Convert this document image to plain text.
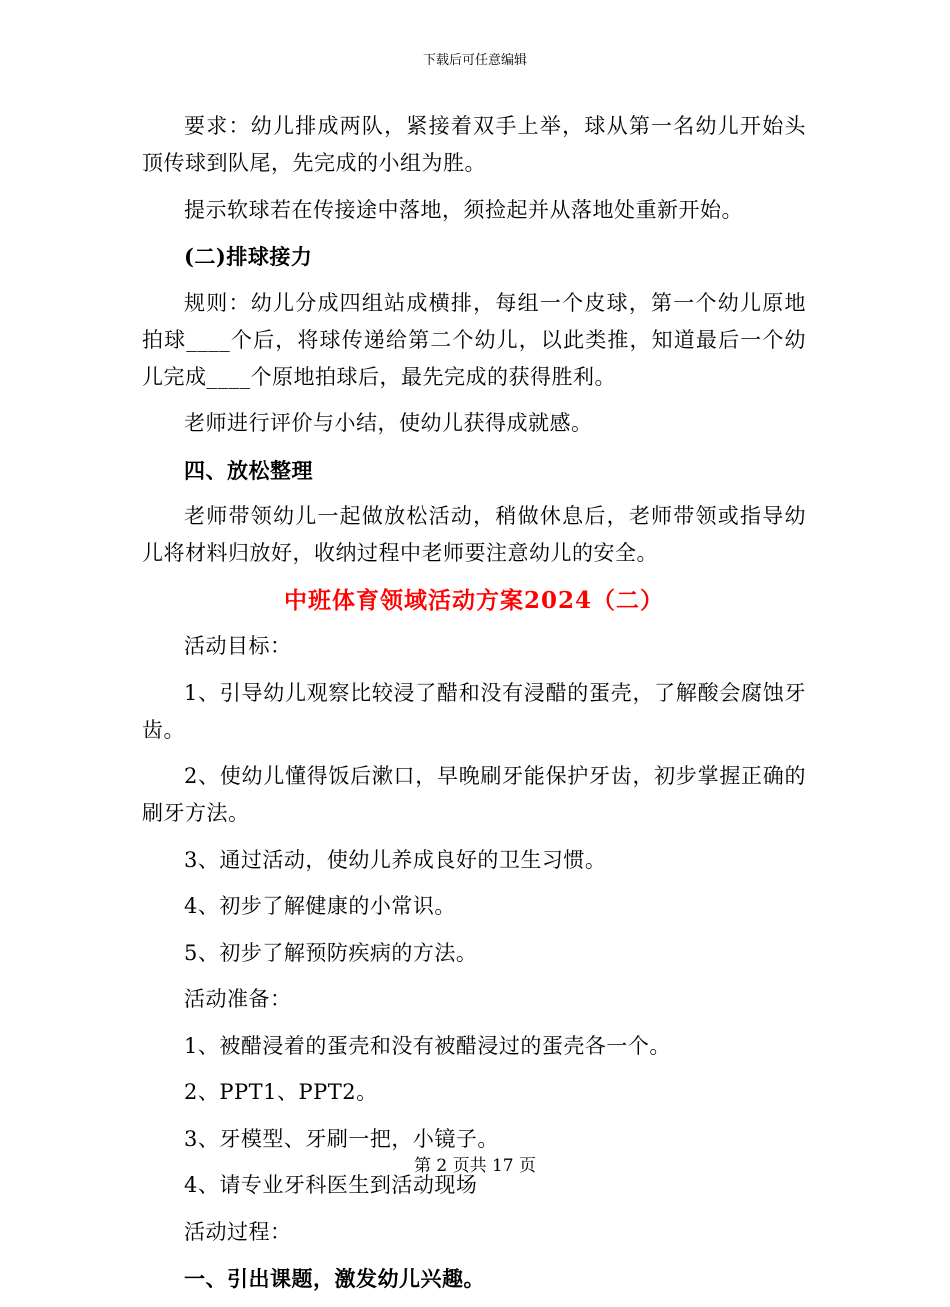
下载后可任意编辑

要求：幼儿排成两队，紧接着双手上举，球从第一名幼儿开始头顶传球到队尾，先完成的小组为胜。

提示软球若在传接途中落地，须捡起并从落地处重新开始。

(二)排球接力

规则：幼儿分成四组站成横排，每组一个皮球，第一个幼儿原地拍球____个后，将球传递给第二个幼儿，以此类推，知道最后一个幼儿完成____个原地拍球后，最先完成的获得胜利。

老师进行评价与小结，使幼儿获得成就感。

四、放松整理

老师带领幼儿一起做放松活动，稍做休息后，老师带领或指导幼儿将材料归放好，收纳过程中老师要注意幼儿的安全。

中班体育领域活动方案2024（二）

活动目标：

1、引导幼儿观察比较浸了醋和没有浸醋的蛋壳，了解酸会腐蚀牙齿。

2、使幼儿懂得饭后漱口，早晚刷牙能保护牙齿，初步掌握正确的刷牙方法。

3、通过活动，使幼儿养成良好的卫生习惯。

4、初步了解健康的小常识。

5、初步了解预防疾病的方法。

活动准备：

1、被醋浸着的蛋壳和没有被醋浸过的蛋壳各一个。

2、PPT1、PPT2。

3、牙模型、牙刷一把，小镜子。

4、请专业牙科医生到活动现场

活动过程：

一、引出课题，激发幼儿兴趣。

第 2 页共 17 页
